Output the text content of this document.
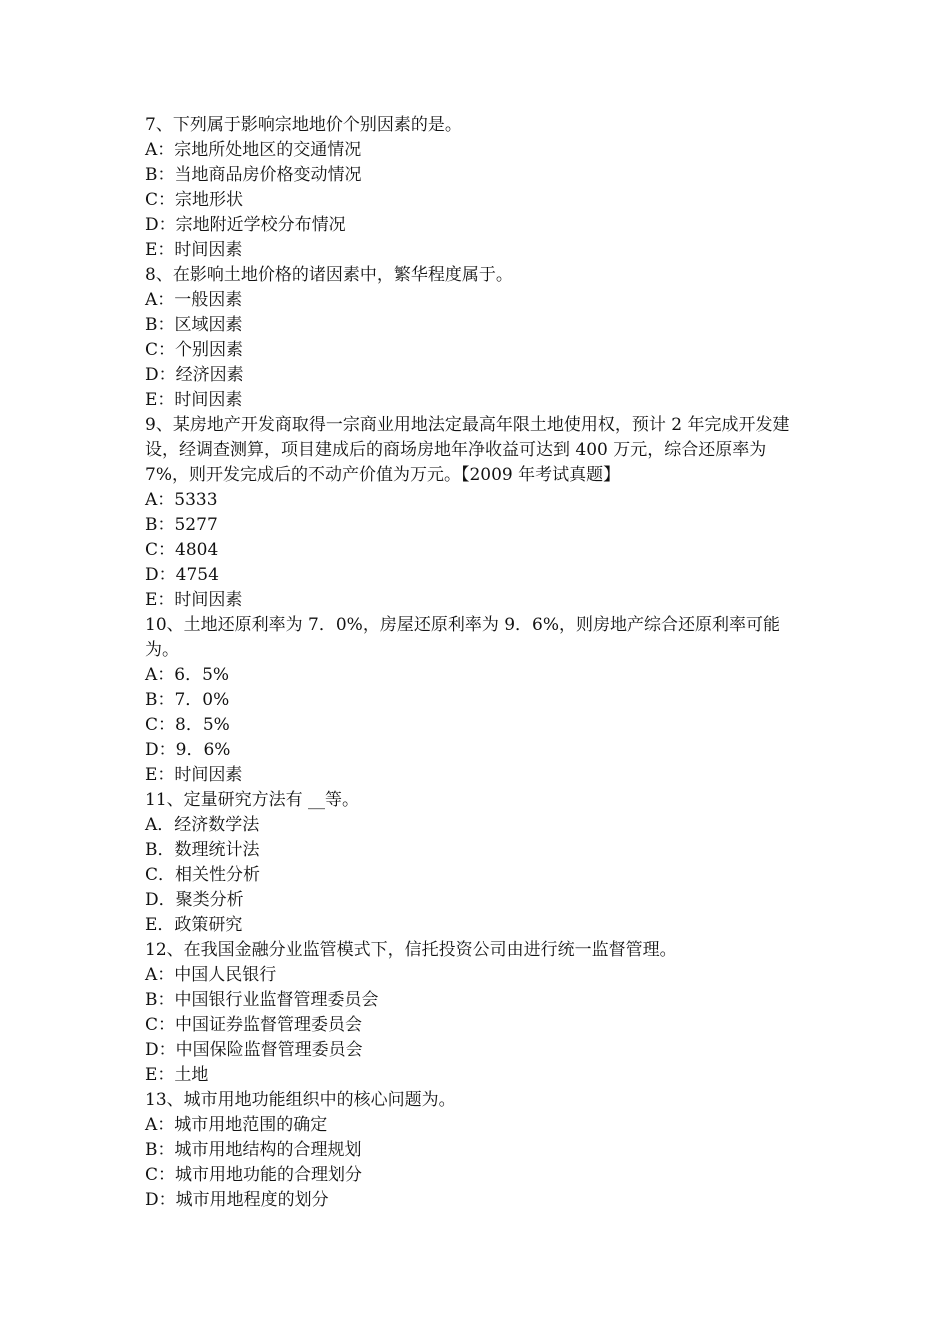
7、下列属于影响宗地地价个别因素的是。

A：宗地所处地区的交通情况

B：当地商品房价格变动情况

C：宗地形状

D：宗地附近学校分布情况

E：时间因素

8、在影响土地价格的诸因素中，繁华程度属于。

A：一般因素

B：区域因素

C：个别因素

D：经济因素

E：时间因素

9、某房地产开发商取得一宗商业用地法定最高年限土地使用权，预计 2 年完成开发建设，经调查测算，项目建成后的商场房地年净收益可达到 400 万元，综合还原率为 7%，则开发完成后的不动产价值为万元。【2009 年考试真题】

A：5333

B：5277

C：4804

D：4754

E：时间因素

10、土地还原利率为 7．0%，房屋还原利率为 9．6%，则房地产综合还原利率可能为。

A：6．5%

B：7．0%

C：8．5%

D：9．6%

E：时间因素

11、定量研究方法有 __等。

A．经济数学法

B．数理统计法

C．相关性分析

D．聚类分析

E．政策研究

12、在我国金融分业监管模式下，信托投资公司由进行统一监督管理。

A：中国人民银行

B：中国银行业监督管理委员会

C：中国证券监督管理委员会

D：中国保险监督管理委员会

E：土地

13、城市用地功能组织中的核心问题为。

A：城市用地范围的确定

B：城市用地结构的合理规划

C：城市用地功能的合理划分

D：城市用地程度的划分
